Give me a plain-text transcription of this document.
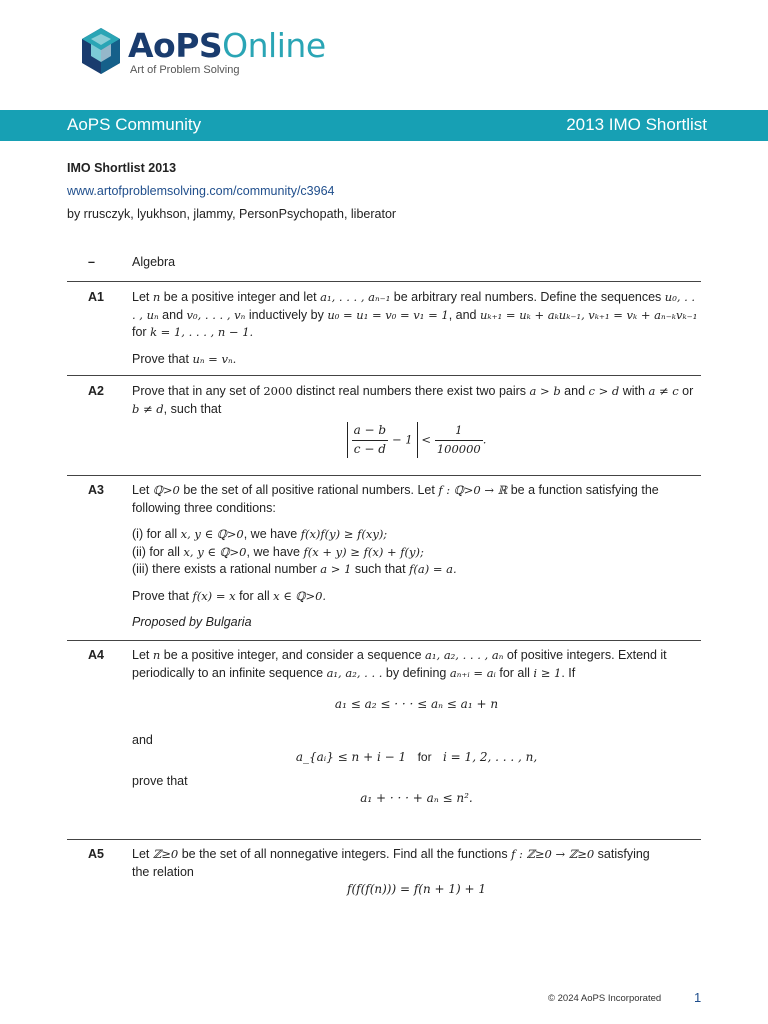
AoPSOnline
Art of Problem Solving
AoPS Community	2013 IMO Shortlist
IMO Shortlist 2013
www.artofproblemsolving.com/community/c3964
by rrusczyk, lyukhson, jlammy, PersonPsychopath, liberator
–	Algebra
A1 Let n be a positive integer and let a₁, . . . , aₙ₋₁ be arbitrary real numbers. Define the sequences u₀, . . . , uₙ and v₀, . . . , vₙ inductively by u₀ = u₁ = v₀ = v₁ = 1, and uₖ₊₁ = uₖ + aₖuₖ₋₁, vₖ₊₁ = vₖ + aₙ₋ₖvₖ₋₁ for k = 1, . . . , n − 1.

Prove that uₙ = vₙ.

A2 Prove that in any set of 2000 distinct real numbers there exist two pairs a > b and c > d with a ≠ c or b ≠ d, such that

$\frac{a - b}{c - d} - 1 < \frac{1}{100000}$ .
A3 Let ℚ>0 be the set of all positive rational numbers. Let f : ℚ>0 → ℝ be a function satisfying the
following three conditions:

(i) for all x, y ∈ ℚ>0, we have f(x)f(y) ≥ f(xy);
(ii) for all x, y ∈ ℚ>0, we have f(x + y) ≥ f(x) + f(y);
(iii) there exists a rational number a > 1 such that f(a) = a.

Prove that f(x) = x for all x ∈ ℚ>0.

Proposed by Bulgaria

A4 Let n be a positive integer, and consider a sequence a₁, a₂, . . . , aₙ of positive integers. Extend it
periodically to an infinite sequence a₁, a₂, . . . by defining aₙ₊ᵢ = aᵢ for all i ≥ 1. If

a₁ ≤ a₂ ≤ · · · ≤ aₙ ≤ a₁ + n

and

a_{aᵢ} ≤ n + i − 1 for i = 1, 2, . . . , n,

prove that

a₁ + · · · + aₙ ≤ n².
A5 Let ℤ≥0 be the set of all nonnegative integers. Find all the functions f : ℤ≥0 → ℤ≥0 satisfying
the relation

f(f(f(n))) = f(n + 1) + 1
© 2024 AoPS Incorporated	1
